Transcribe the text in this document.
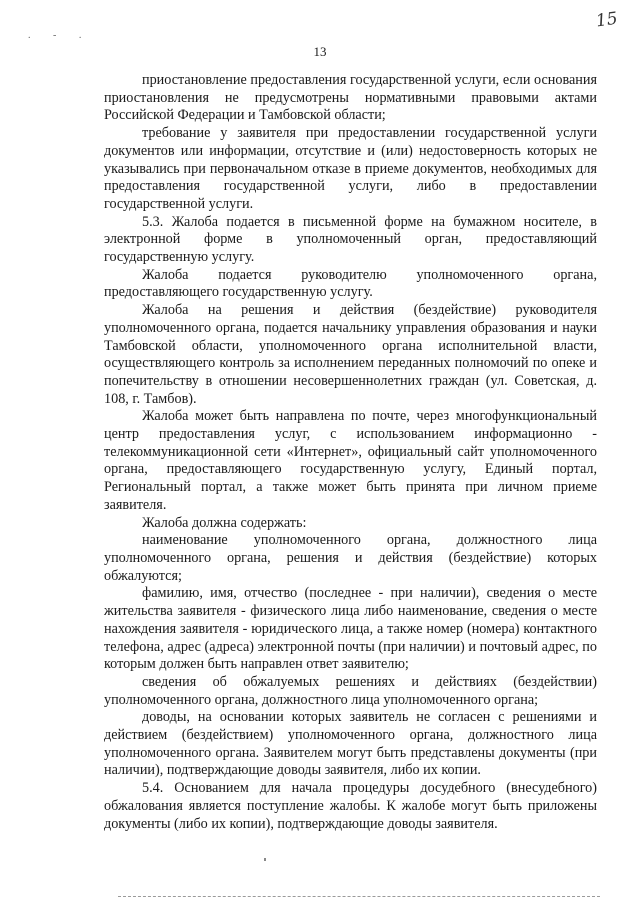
15
. - .
13

приостановление предоставления государственной услуги, если основания приостановления не предусмотрены нормативными правовыми актами Российской Федерации и Тамбовской области;

требование у заявителя при предоставлении государственной услуги документов или информации, отсутствие и (или) недостоверность которых не указывались при первоначальном отказе в приеме документов, необходимых для предоставления государственной услуги, либо в предоставлении государственной услуги.

5.3. Жалоба подается в письменной форме на бумажном носителе, в электронной форме в уполномоченный орган, предоставляющий государственную услугу.

Жалоба подается руководителю уполномоченного органа, предоставляющего государственную услугу.

Жалоба на решения и действия (бездействие) руководителя уполномоченного органа, подается начальнику управления образования и науки Тамбовской области, уполномоченного органа исполнительной власти, осуществляющего контроль за исполнением переданных полномочий по опеке и попечительству в отношении несовершеннолетних граждан (ул. Советская, д. 108, г. Тамбов).

Жалоба может быть направлена по почте, через многофункциональный центр предоставления услуг, с использованием информационно - телекоммуникационной сети «Интернет», официальный сайт уполномоченного органа, предоставляющего государственную услугу, Единый портал, Региональный портал, а также может быть принята при личном приеме заявителя.

Жалоба должна содержать:

наименование уполномоченного органа, должностного лица уполномоченного органа, решения и действия (бездействие) которых обжалуются;

фамилию, имя, отчество (последнее - при наличии), сведения о месте жительства заявителя - физического лица либо наименование, сведения о месте нахождения заявителя - юридического лица, а также номер (номера) контактного телефона, адрес (адреса) электронной почты (при наличии) и почтовый адрес, по которым должен быть направлен ответ заявителю;

сведения об обжалуемых решениях и действиях (бездействии) уполномоченного органа, должностного лица уполномоченного органа;

доводы, на основании которых заявитель не согласен с решениями и действием (бездействием) уполномоченного органа, должностного лица уполномоченного органа. Заявителем могут быть представлены документы (при наличии), подтверждающие доводы заявителя, либо их копии.

5.4. Основанием для начала процедуры досудебного (внесудебного) обжалования является поступление жалобы. К жалобе могут быть приложены документы (либо их копии), подтверждающие доводы заявителя.
